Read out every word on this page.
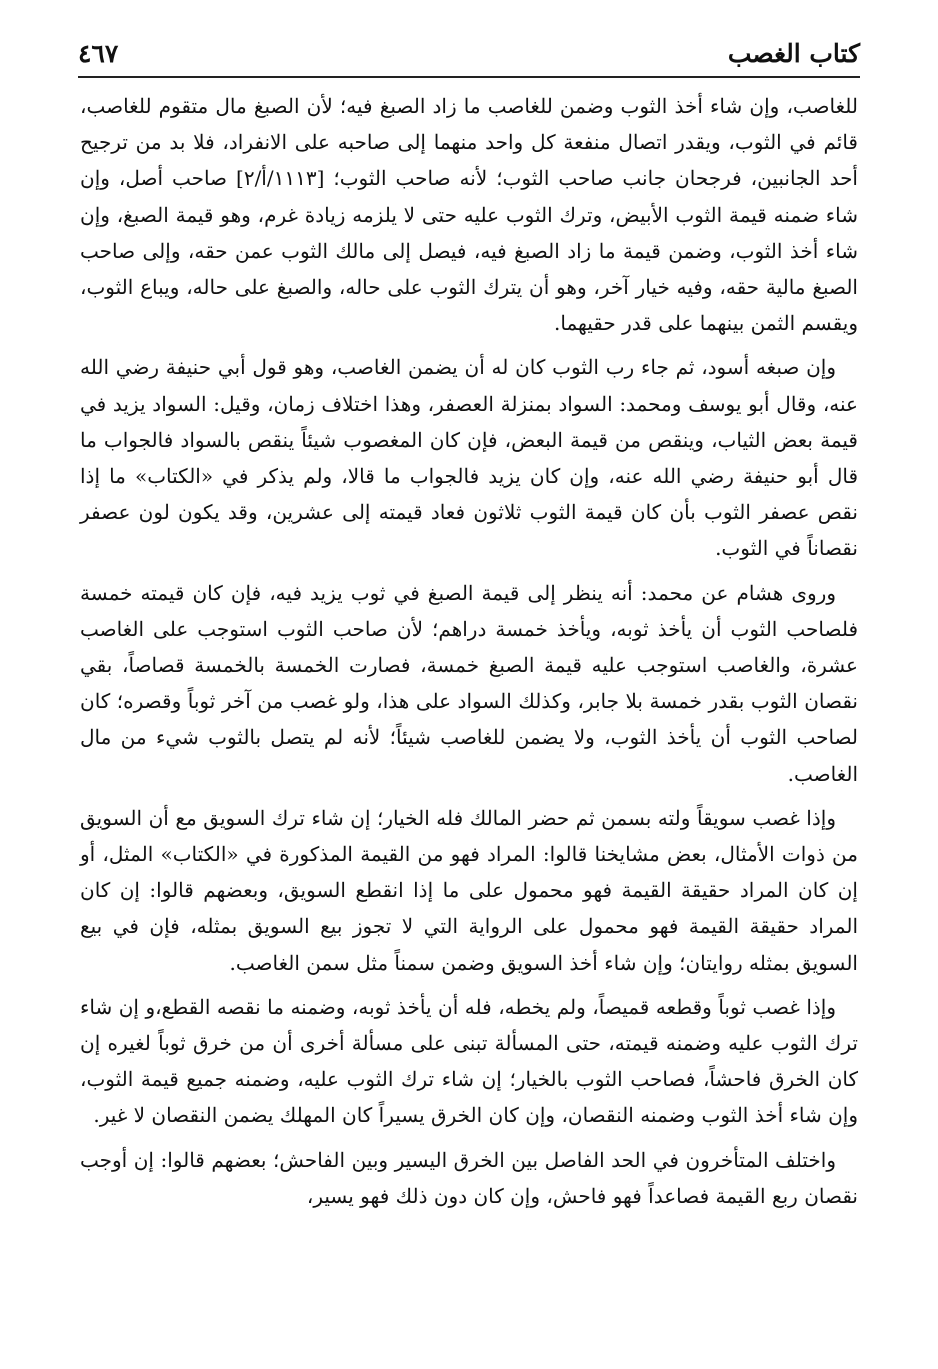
كتاب الغصب
٤٦٧

للغاصب، وإن شاء أخذ الثوب وضمن للغاصب ما زاد الصبغ فيه؛ لأن الصبغ مال متقوم للغاصب، قائم في الثوب، ويقدر اتصال منفعة كل واحد منهما إلى صاحبه على الانفراد، فلا بد من ترجيح أحد الجانبين، فرجحان جانب صاحب الثوب؛ لأنه صاحب الثوب؛ [١١١٣/أ/٢] صاحب أصل، وإن شاء ضمنه قيمة الثوب الأبيض، وترك الثوب عليه حتى لا يلزمه زيادة غرم، وهو قيمة الصبغ، وإن شاء أخذ الثوب، وضمن قيمة ما زاد الصبغ فيه، فيصل إلى مالك الثوب عمن حقه، وإلى صاحب الصبغ مالية حقه، وفيه خيار آخر، وهو أن يترك الثوب على حاله، والصبغ على حاله، ويباع الثوب، ويقسم الثمن بينهما على قدر حقيهما.

وإن صبغه أسود، ثم جاء رب الثوب كان له أن يضمن الغاصب، وهو قول أبي حنيفة رضي الله عنه، وقال أبو يوسف ومحمد: السواد بمنزلة العصفر، وهذا اختلاف زمان، وقيل: السواد يزيد في قيمة بعض الثياب، وينقص من قيمة البعض، فإن كان المغصوب شيئاً ينقص بالسواد فالجواب ما قال أبو حنيفة رضي الله عنه، وإن كان يزيد فالجواب ما قالا، ولم يذكر في «الكتاب» ما إذا نقص عصفر الثوب بأن كان قيمة الثوب ثلاثون فعاد قيمته إلى عشرين، وقد يكون لون عصفر نقصاناً في الثوب.

وروى هشام عن محمد: أنه ينظر إلى قيمة الصبغ في ثوب يزيد فيه، فإن كان قيمته خمسة فلصاحب الثوب أن يأخذ ثوبه، ويأخذ خمسة دراهم؛ لأن صاحب الثوب استوجب على الغاصب عشرة، والغاصب استوجب عليه قيمة الصبغ خمسة، فصارت الخمسة بالخمسة قصاصاً، بقي نقصان الثوب بقدر خمسة بلا جابر، وكذلك السواد على هذا، ولو غصب من آخر ثوباً وقصره؛ كان لصاحب الثوب أن يأخذ الثوب، ولا يضمن للغاصب شيئاً؛ لأنه لم يتصل بالثوب شيء من مال الغاصب.

وإذا غصب سويقاً ولته بسمن ثم حضر المالك فله الخيار؛ إن شاء ترك السويق مع أن السويق من ذوات الأمثال، بعض مشايخنا قالوا: المراد فهو من القيمة المذكورة في «الكتاب» المثل، أو إن كان المراد حقيقة القيمة فهو محمول على ما إذا انقطع السويق، وبعضهم قالوا: إن كان المراد حقيقة القيمة فهو محمول على الرواية التي لا تجوز بيع السويق بمثله، فإن في بيع السويق بمثله روايتان؛ وإن شاء أخذ السويق وضمن سمناً مثل سمن الغاصب.

وإذا غصب ثوباً وقطعه قميصاً، ولم يخطه، فله أن يأخذ ثوبه، وضمنه ما نقصه القطع،و إن شاء ترك الثوب عليه وضمنه قيمته، حتى المسألة تبنى على مسألة أخرى أن من خرق ثوباً لغيره إن كان الخرق فاحشاً، فصاحب الثوب بالخيار؛ إن شاء ترك الثوب عليه، وضمنه جميع قيمة الثوب، وإن شاء أخذ الثوب وضمنه النقصان، وإن كان الخرق يسيراً كان المهلك يضمن النقصان لا غير.

واختلف المتأخرون في الحد الفاصل بين الخرق اليسير وبين الفاحش؛ بعضهم قالوا: إن أوجب نقصان ربع القيمة فصاعداً فهو فاحش، وإن كان دون ذلك فهو يسير،
